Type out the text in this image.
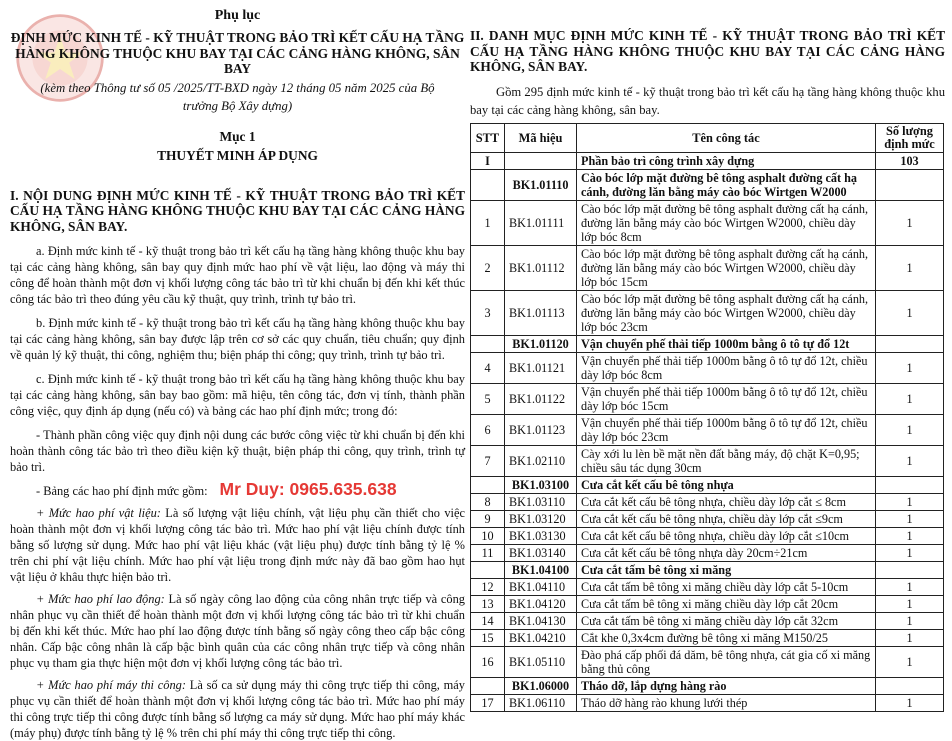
Phụ lục
ĐỊNH MỨC KINH TẾ - KỸ THUẬT TRONG BẢO TRÌ KẾT CẤU HẠ TẦNG HÀNG KHÔNG THUỘC KHU BAY TẠI CÁC CẢNG HÀNG KHÔNG, SÂN BAY
(kèm theo Thông tư số 05 /2025/TT-BXD ngày 12 tháng 05 năm 2025 của Bộ trưởng Bộ Xây dựng)
Mục 1
THUYẾT MINH ÁP DỤNG
I. NỘI DUNG ĐỊNH MỨC KINH TẾ - KỸ THUẬT TRONG BẢO TRÌ KẾT CẤU HẠ TẦNG HÀNG KHÔNG THUỘC KHU BAY TẠI CÁC CẢNG HÀNG KHÔNG, SÂN BAY.

a. Định mức kinh tế - kỹ thuật trong bảo trì kết cấu hạ tầng hàng không thuộc khu bay tại các cảng hàng không, sân bay quy định mức hao phí về vật liệu, lao động và máy thi công để hoàn thành một đơn vị khối lượng công tác bảo trì từ khi chuẩn bị đến khi kết thúc công tác bảo trì theo đúng yêu cầu kỹ thuật, quy trình, trình tự bảo trì.

b. Định mức kinh tế - kỹ thuật trong bảo trì kết cấu hạ tầng hàng không thuộc khu bay tại các cảng hàng không, sân bay được lập trên cơ sở các quy chuẩn, tiêu chuẩn; quy định về quản lý kỹ thuật, thi công, nghiệm thu; biện pháp thi công; quy trình, trình tự bảo trì.

c. Định mức kinh tế - kỹ thuật trong bảo trì kết cấu hạ tầng hàng không thuộc khu bay tại các cảng hàng không, sân bay bao gồm: mã hiệu, tên công tác, đơn vị tính, thành phần công việc, quy định áp dụng (nếu có) và bảng các hao phí định mức; trong đó:

- Thành phần công việc quy định nội dung các bước công việc từ khi chuẩn bị đến khi hoàn thành công tác bảo trì theo điều kiện kỹ thuật, biện pháp thi công, quy trình, trình tự bảo trì.

- Bảng các hao phí định mức gồm: Mr Duy: 0965.635.638

+ Mức hao phí vật liệu: Là số lượng vật liệu chính, vật liệu phụ cần thiết cho việc hoàn thành một đơn vị khối lượng công tác bảo trì. Mức hao phí vật liệu chính được tính bằng số lượng sử dụng. Mức hao phí vật liệu khác (vật liệu phụ) được tính bằng tỷ lệ % trên chi phí vật liệu chính. Mức hao phí vật liệu trong định mức này đã bao gồm hao hụt vật liệu ở khâu thực hiện bảo trì.

+ Mức hao phí lao động: Là số ngày công lao động của công nhân trực tiếp và công nhân phục vụ cần thiết để hoàn thành một đơn vị khối lượng công tác bảo trì từ khi chuẩn bị đến khi kết thúc. Mức hao phí lao động được tính bằng số ngày công theo cấp bậc công nhân. Cấp bậc công nhân là cấp bậc bình quân của các công nhân trực tiếp và công nhân phục vụ tham gia thực hiện một đơn vị khối lượng công tác bảo trì.

+ Mức hao phí máy thi công: Là số ca sử dụng máy thi công trực tiếp thi công, máy phục vụ cần thiết để hoàn thành một đơn vị khối lượng công tác bảo trì. Mức hao phí máy thi công trực tiếp thi công được tính bằng số lượng ca máy sử dụng. Mức hao phí máy khác (máy phụ) được tính bằng tỷ lệ % trên chi phí máy thi công trực tiếp thi công.

II. DANH MỤC ĐỊNH MỨC KINH TẾ - KỸ THUẬT TRONG BẢO TRÌ KẾT CẤU HẠ TẦNG HÀNG KHÔNG THUỘC KHU BAY TẠI CÁC CẢNG HÀNG KHÔNG, SÂN BAY.

Gồm 295 định mức kinh tế - kỹ thuật trong bảo trì kết cấu hạ tầng hàng không thuộc khu bay tại các cảng hàng không, sân bay.

STT	Mã hiệu	Tên công tác	Số lượng định mức
I		Phần bảo trì công trình xây dựng	103
	BK1.01110	Cào bóc lớp mặt đường bê tông asphalt đường cất hạ cánh, đường lăn bằng máy cào bóc Wirtgen W2000	
1	BK1.01111	Cào bóc lớp mặt đường bê tông asphalt đường cất hạ cánh, đường lăn bằng máy cào bóc Wirtgen W2000, chiều dày lớp bóc 8cm	1
2	BK1.01112	Cào bóc lớp mặt đường bê tông asphalt đường cất hạ cánh, đường lăn bằng máy cào bóc Wirtgen W2000, chiều dày lớp bóc 15cm	1
3	BK1.01113	Cào bóc lớp mặt đường bê tông asphalt đường cất hạ cánh, đường lăn bằng máy cào bóc Wirtgen W2000, chiều dày lớp bóc 23cm	1
	BK1.01120	Vận chuyển phế thải tiếp 1000m bằng ô tô tự đổ 12t	
4	BK1.01121	Vận chuyển phế thải tiếp 1000m bằng ô tô tự đổ 12t, chiều dày lớp bóc 8cm	1
5	BK1.01122	Vận chuyển phế thải tiếp 1000m bằng ô tô tự đổ 12t, chiều dày lớp bóc 15cm	1
6	BK1.01123	Vận chuyển phế thải tiếp 1000m bằng ô tô tự đổ 12t, chiều dày lớp bóc 23cm	1
7	BK1.02110	Cày xới lu lèn bề mặt nền đất bằng máy, độ chặt K=0,95; chiều sâu tác dụng 30cm	1
	BK1.03100	Cưa cắt kết cấu bê tông nhựa	
8	BK1.03110	Cưa cắt kết cấu bê tông nhựa, chiều dày lớp cắt ≤ 8cm	1
9	BK1.03120	Cưa cắt kết cấu bê tông nhựa, chiều dày lớp cắt ≤9cm	1
10	BK1.03130	Cưa cắt kết cấu bê tông nhựa, chiều dày lớp cắt ≤10cm	1
11	BK1.03140	Cưa cắt kết cấu bê tông nhựa dày 20cm÷21cm	1
	BK1.04100	Cưa cắt tấm bê tông xi măng	
12	BK1.04110	Cưa cắt tấm bê tông xi măng chiều dày lớp cắt 5-10cm	1
13	BK1.04120	Cưa cắt tấm bê tông xi măng chiều dày lớp cắt 20cm	1
14	BK1.04130	Cưa cắt tấm bê tông xi măng chiều dày lớp cắt 32cm	1
15	BK1.04210	Cắt khe 0,3x4cm đường bê tông xi măng M150/25	1
16	BK1.05110	Đào phá cấp phối đá dăm, bê tông nhựa, cát gia cố xi măng bằng thủ công	1
	BK1.06000	Tháo dỡ, lắp dựng hàng rào	
17	BK1.06110	Tháo dỡ hàng rào khung lưới thép	1
